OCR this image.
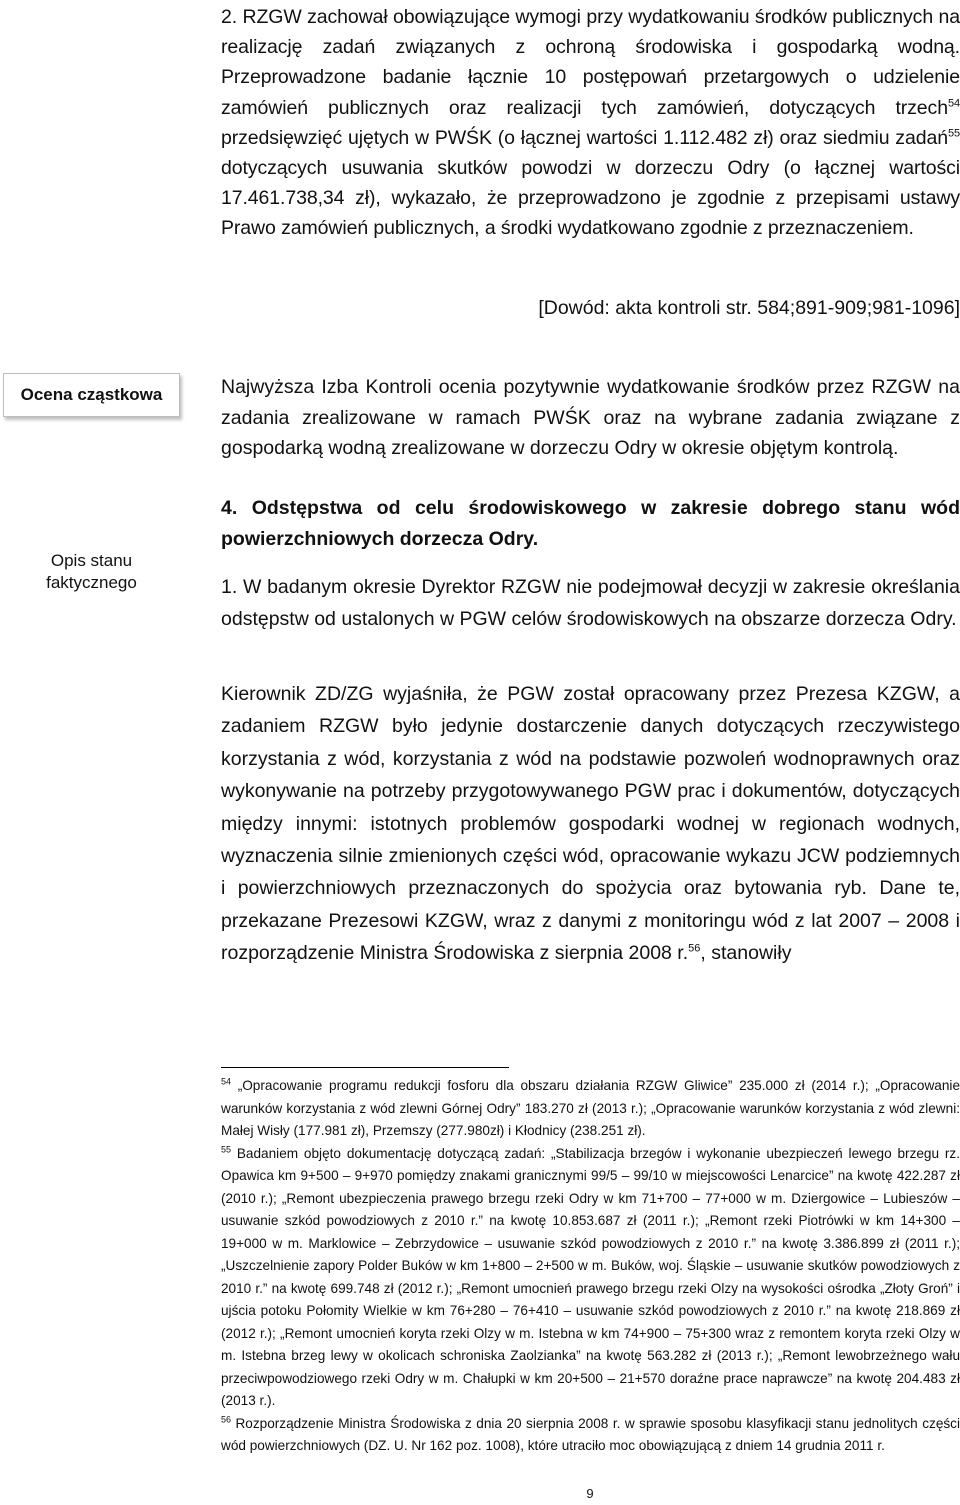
2. RZGW zachował obowiązujące wymogi przy wydatkowaniu środków publicznych na realizację zadań związanych z ochroną środowiska i gospodarką wodną. Przeprowadzone badanie łącznie 10 postępowań przetargowych o udzielenie zamówień publicznych oraz realizacji tych zamówień, dotyczących trzech$^{54}$ przedsięwzięć ujętych w PWŚK (o łącznej wartości 1.112.482 zł) oraz siedmiu zadań$^{55}$ dotyczących usuwania skutków powodzi w dorzeczu Odry (o łącznej wartości 17.461.738,34 zł), wykazało, że przeprowadzono je zgodnie z przepisami ustawy Prawo zamówień publicznych, a środki wydatkowano zgodnie z przeznaczeniem.
[Dowód: akta kontroli str. 584;891-909;981-1096]
Ocena cząstkowa	Najwyższa Izba Kontroli ocenia pozytywnie wydatkowanie środków przez RZGW na zadania zrealizowane w ramach PWŚK oraz na wybrane zadania związane z gospodarką wodną zrealizowane w dorzeczu Odry w okresie objętym kontrolą.
Opis stanu
faktycznego
4. Odstępstwa od celu środowiskowego w zakresie dobrego stanu wód powierzchniowych dorzecza Odry.
1. W badanym okresie Dyrektor RZGW nie podejmował decyzji w zakresie określania odstępstw od ustalonych w PGW celów środowiskowych na obszarze dorzecza Odry.
Kierownik ZD/ZG wyjaśniła, że PGW został opracowany przez Prezesa KZGW, a zadaniem RZGW było jedynie dostarczenie danych dotyczących rzeczywistego korzystania z wód, korzystania z wód na podstawie pozwoleń wodnoprawnych oraz wykonywanie na potrzeby przygotowywanego PGW prac i dokumentów, dotyczących między innymi: istotnych problemów gospodarki wodnej w regionach wodnych, wyznaczenia silnie zmienionych części wód, opracowanie wykazu JCW podziemnych i powierzchniowych przeznaczonych do spożycia oraz bytowania ryb. Dane te, przekazane Prezesowi KZGW, wraz z danymi z monitoringu wód z lat 2007 – 2008 i rozporządzenie Ministra Środowiska z sierpnia 2008 r.$^{56}$, stanowiły

$^{54}$ „Opracowanie programu redukcji fosforu dla obszaru działania RZGW Gliwice” 235.000 zł (2014 r.); „Opracowanie warunków korzystania z wód zlewni Górnej Odry” 183.270 zł (2013 r.); „Opracowanie warunków korzystania z wód zlewni: Małej Wisły (177.981 zł), Przemszy (277.980zł) i Kłodnicy (238.251 zł).

$^{55}$ Badaniem objęto dokumentację dotyczącą zadań: „Stabilizacja brzegów i wykonanie ubezpieczeń lewego brzegu rz. Opawica km 9+500 – 9+970 pomiędzy znakami granicznymi 99/5 – 99/10 w miejscowości Lenarcice” na kwotę 422.287 zł (2010 r.); „Remont ubezpieczenia prawego brzegu rzeki Odry w km 71+700 – 77+000 w m. Dziergowice – Lubieszów – usuwanie szkód powodziowych z 2010 r.” na kwotę 10.853.687 zł (2011 r.); „Remont rzeki Piotrówki w km 14+300 – 19+000 w m. Marklowice – Zebrzydowice – usuwanie szkód powodziowych z 2010 r.” na kwotę 3.386.899 zł (2011 r.); „Uszczelnienie zapory Polder Buków w km 1+800 – 2+500 w m. Buków, woj. Śląskie – usuwanie skutków powodziowych z 2010 r.” na kwotę 699.748 zł (2012 r.); „Remont umocnień prawego brzegu rzeki Olzy na wysokości ośrodka „Złoty Groń” i ujścia potoku Połomity Wielkie w km 76+280 – 76+410 – usuwanie szkód powodziowych z 2010 r.” na kwotę 218.869 zł (2012 r.); „Remont umocnień koryta rzeki Olzy w m. Istebna w km 74+900 – 75+300 wraz z remontem koryta rzeki Olzy w m. Istebna brzeg lewy w okolicach schroniska Zaolzianka” na kwotę 563.282 zł (2013 r.); „Remont lewobrzeżnego wału przeciwpowodziowego rzeki Odry w m. Chałupki w km 20+500 – 21+570 doraźne prace naprawcze” na kwotę 204.483 zł (2013 r.).

$^{56}$ Rozporządzenie Ministra Środowiska z dnia 20 sierpnia 2008 r. w sprawie sposobu klasyfikacji stanu jednolitych części wód powierzchniowych (DZ. U. Nr 162 poz. 1008), które utraciło moc obowiązującą z dniem 14 grudnia 2011 r.

9
